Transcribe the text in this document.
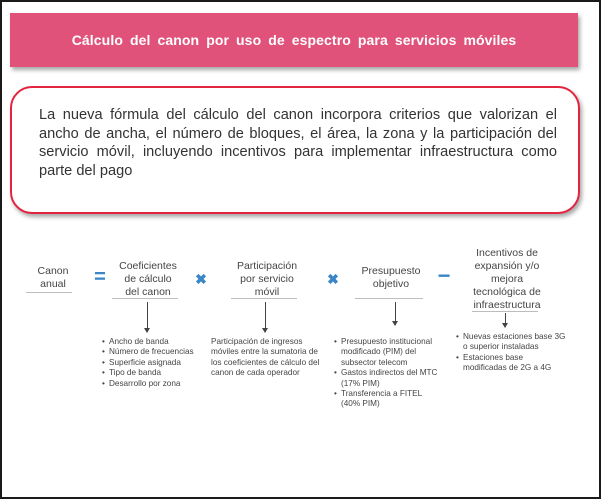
Cálculo del canon por uso de espectro para servicios móviles
La nueva fórmula del cálculo del canon incorpora criterios que valorizan el ancho de ancha, el número de bloques, el área, la zona y la participación del servicio móvil, incluyendo incentivos para implementar infraestructura como parte del pago
Canon
anual	=	✖	✖	−
Coeficientes
de cálculo
del canon
• Ancho de banda
• Número de frecuencias
• Superficie asignada
• Tipo de banda
• Desarrollo por zona
Participación
por servicio
móvil
Participación de ingresos móviles entre la sumatoria de los coeficientes de cálculo del canon de cada operador
Presupuesto
objetivo
• Presupuesto institucional modificado (PIM) del subsector telecom
• Gastos indirectos del MTC (17% PIM)
• Transferencia a FITEL (40% PIM)
Incentivos de
expansión y/o
mejora
tecnológica de
infraestructura
• Nuevas estaciones base 3G o superior instaladas
• Estaciones base modificadas de 2G a 4G
